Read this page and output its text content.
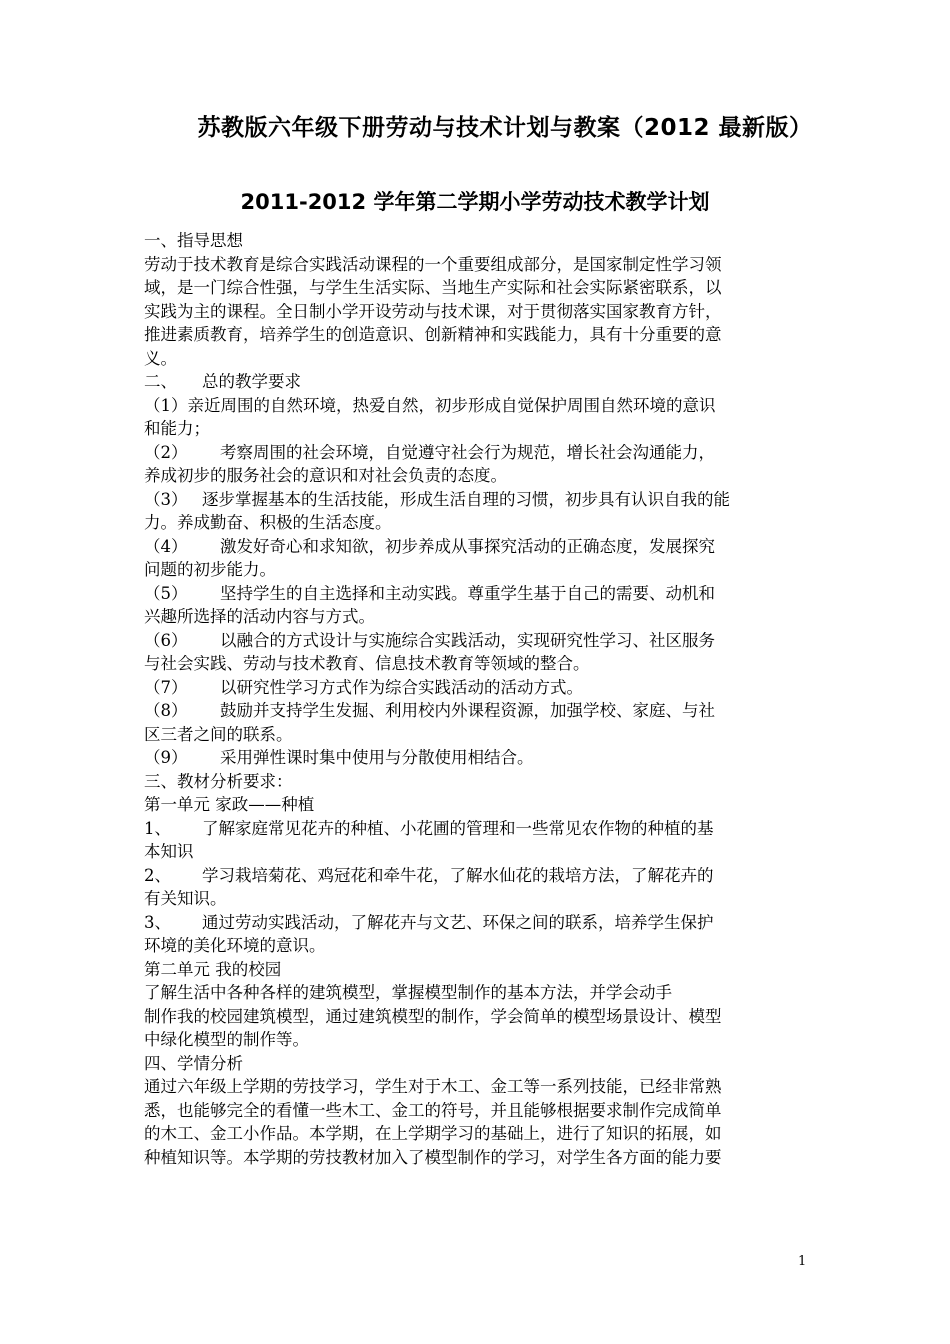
苏教版六年级下册劳动与技术计划与教案（2012 最新版）
2011-2012 学年第二学期小学劳动技术教学计划

一、指导思想

劳动于技术教育是综合实践活动课程的一个重要组成部分，是国家制定性学习领

域，是一门综合性强，与学生生活实际、当地生产实际和社会实际紧密联系，以

实践为主的课程。全日制小学开设劳动与技术课，对于贯彻落实国家教育方针，

推进素质教育，培养学生的创造意识、创新精神和实践能力，具有十分重要的意

义。

二、 总的教学要求

（1）亲近周围的自然环境，热爱自然，初步形成自觉保护周围自然环境的意识

和能力；

（2） 考察周围的社会环境，自觉遵守社会行为规范，增长社会沟通能力，

养成初步的服务社会的意识和对社会负责的态度。

（3） 逐步掌握基本的生活技能，形成生活自理的习惯，初步具有认识自我的能

力。养成勤奋、积极的生活态度。

（4） 激发好奇心和求知欲，初步养成从事探究活动的正确态度，发展探究

问题的初步能力。

（5） 坚持学生的自主选择和主动实践。尊重学生基于自己的需要、动机和

兴趣所选择的活动内容与方式。

（6） 以融合的方式设计与实施综合实践活动，实现研究性学习、社区服务

与社会实践、劳动与技术教育、信息技术教育等领域的整合。

（7） 以研究性学习方式作为综合实践活动的活动方式。

（8） 鼓励并支持学生发掘、利用校内外课程资源，加强学校、家庭、与社

区三者之间的联系。

（9） 采用弹性课时集中使用与分散使用相结合。

三、教材分析要求：

第一单元 家政——种植

1、 了解家庭常见花卉的种植、小花圃的管理和一些常见农作物的种植的基

本知识

2、 学习栽培菊花、鸡冠花和牵牛花，了解水仙花的栽培方法，了解花卉的

有关知识。

3、 通过劳动实践活动，了解花卉与文艺、环保之间的联系，培养学生保护

环境的美化环境的意识。

第二单元 我的校园

了解生活中各种各样的建筑模型，掌握模型制作的基本方法，并学会动手

制作我的校园建筑模型，通过建筑模型的制作，学会简单的模型场景设计、模型

中绿化模型的制作等。

四、学情分析

通过六年级上学期的劳技学习，学生对于木工、金工等一系列技能，已经非常熟

悉，也能够完全的看懂一些木工、金工的符号，并且能够根据要求制作完成简单

的木工、金工小作品。本学期，在上学期学习的基础上，进行了知识的拓展，如

种植知识等。本学期的劳技教材加入了模型制作的学习，对学生各方面的能力要

1
